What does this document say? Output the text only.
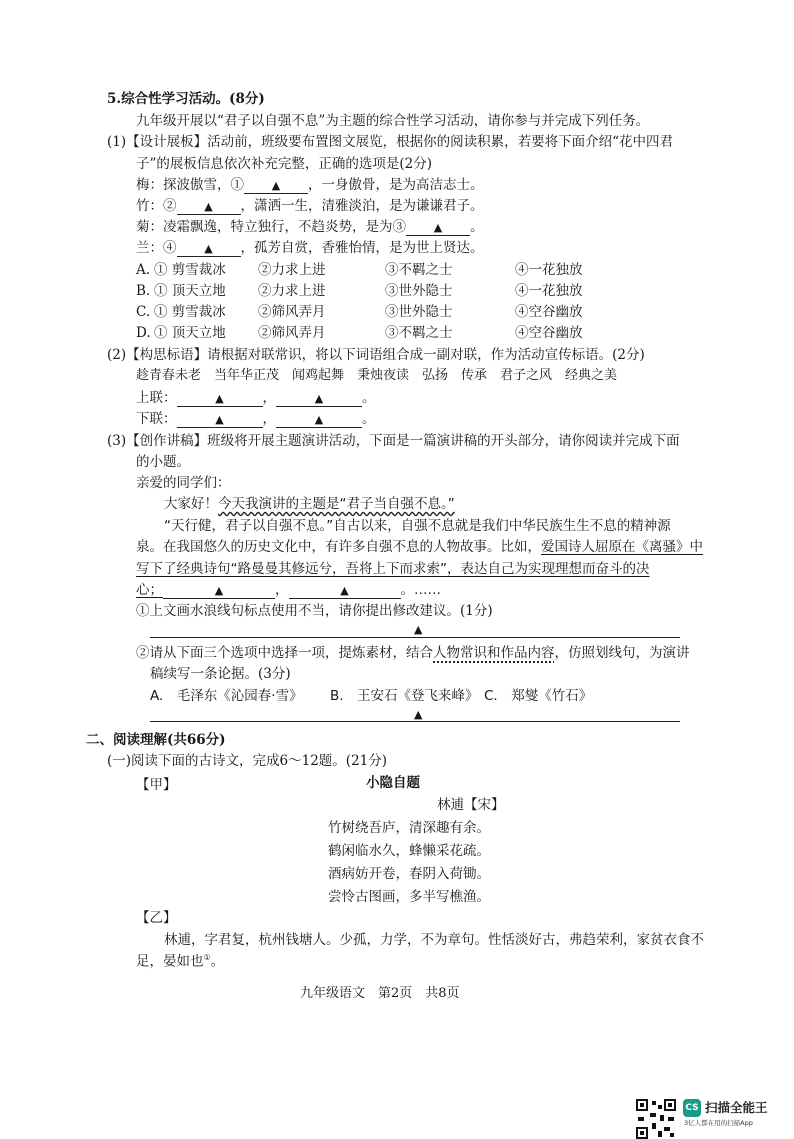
5.综合性学习活动。(8分)
九年级开展以“君子以自强不息”为主题的综合性学习活动，请你参与并完成下列任务。
(1)【设计展板】活动前，班级要布置图文展览，根据你的阅读积累，若要将下面介绍“花中四君
子”的展板信息依次补充完整，正确的选项是(2分)
梅：探波傲雪，①	▲ ，一身傲骨，是为高洁志士。
竹：②	▲ ，潇洒一生，清雅淡泊，是为谦谦君子。
菊：凌霜飘逸，特立独行，不趋炎势，是为③	▲ 。
兰：④	▲ ，孤芳自赏，香雅怡情，是为世上贤达。
A. ① 剪雪裁冰 ②力求上进	③不羁之士	④一花独放
B. ① 顶天立地 ②力求上进	③世外隐士	④一花独放
C. ① 剪雪裁冰 ②筛风弄月	③世外隐士	④空谷幽放
D. ① 顶天立地 ②筛风弄月	③不羁之士	④空谷幽放
(2)【构思标语】请根据对联常识，将以下词语组合成一副对联，作为活动宣传标语。(2分)
趁青春未老　当年华正茂　闻鸡起舞　秉烛夜读　弘扬　传承　君子之风　经典之美
上联：	▲	，	▲	。
下联：	▲	，	▲	。
(3)【创作讲稿】班级将开展主题演讲活动，下面是一篇演讲稿的开头部分，请你阅读并完成下面
的小题。
亲爱的同学们：
大家好！今天我演讲的主题是“君子当自强不息。”
“天行健，君子以自强不息。”自古以来，自强不息就是我们中华民族生生不息的精神源
泉。在我国悠久的历史文化中，有许多自强不息的人物故事。比如，爱国诗人屈原在《离骚》中
写下了经典诗句“路曼曼其修远兮，吾将上下而求索”，表达自己为实现理想而奋斗的决
心；	▲	，	▲	。……
①上文画水浪线句标点使用不当，请你提出修改建议。(1分)
▲
②请从下面三个选项中选择一项，提炼素材，结合人物常识和作品内容，仿照划线句，为演讲
稿续写一条论据。(3分)
A.　毛泽东《沁园春·雪》 B.　王安石《登飞来峰》 C.　郑燮《竹石》
▲
二、阅读理解(共66分)
(一)阅读下面的古诗文，完成6～12题。(21分)
【甲】	小隐自题
林逋【宋】
竹树绕吾庐，清深趣有余。
鹤闲临水久，蜂懒采花疏。
酒病妨开卷，春阴入荷锄。
尝怜古图画，多半写樵渔。
【乙】
林逋，字君复，杭州钱塘人。少孤，力学，不为章句。性恬淡好古，弗趋荣利，家贫衣食不
足，晏如也①。
九年级语文　第2页　共8页
CS 扫描全能王
3亿人都在用的扫描App
